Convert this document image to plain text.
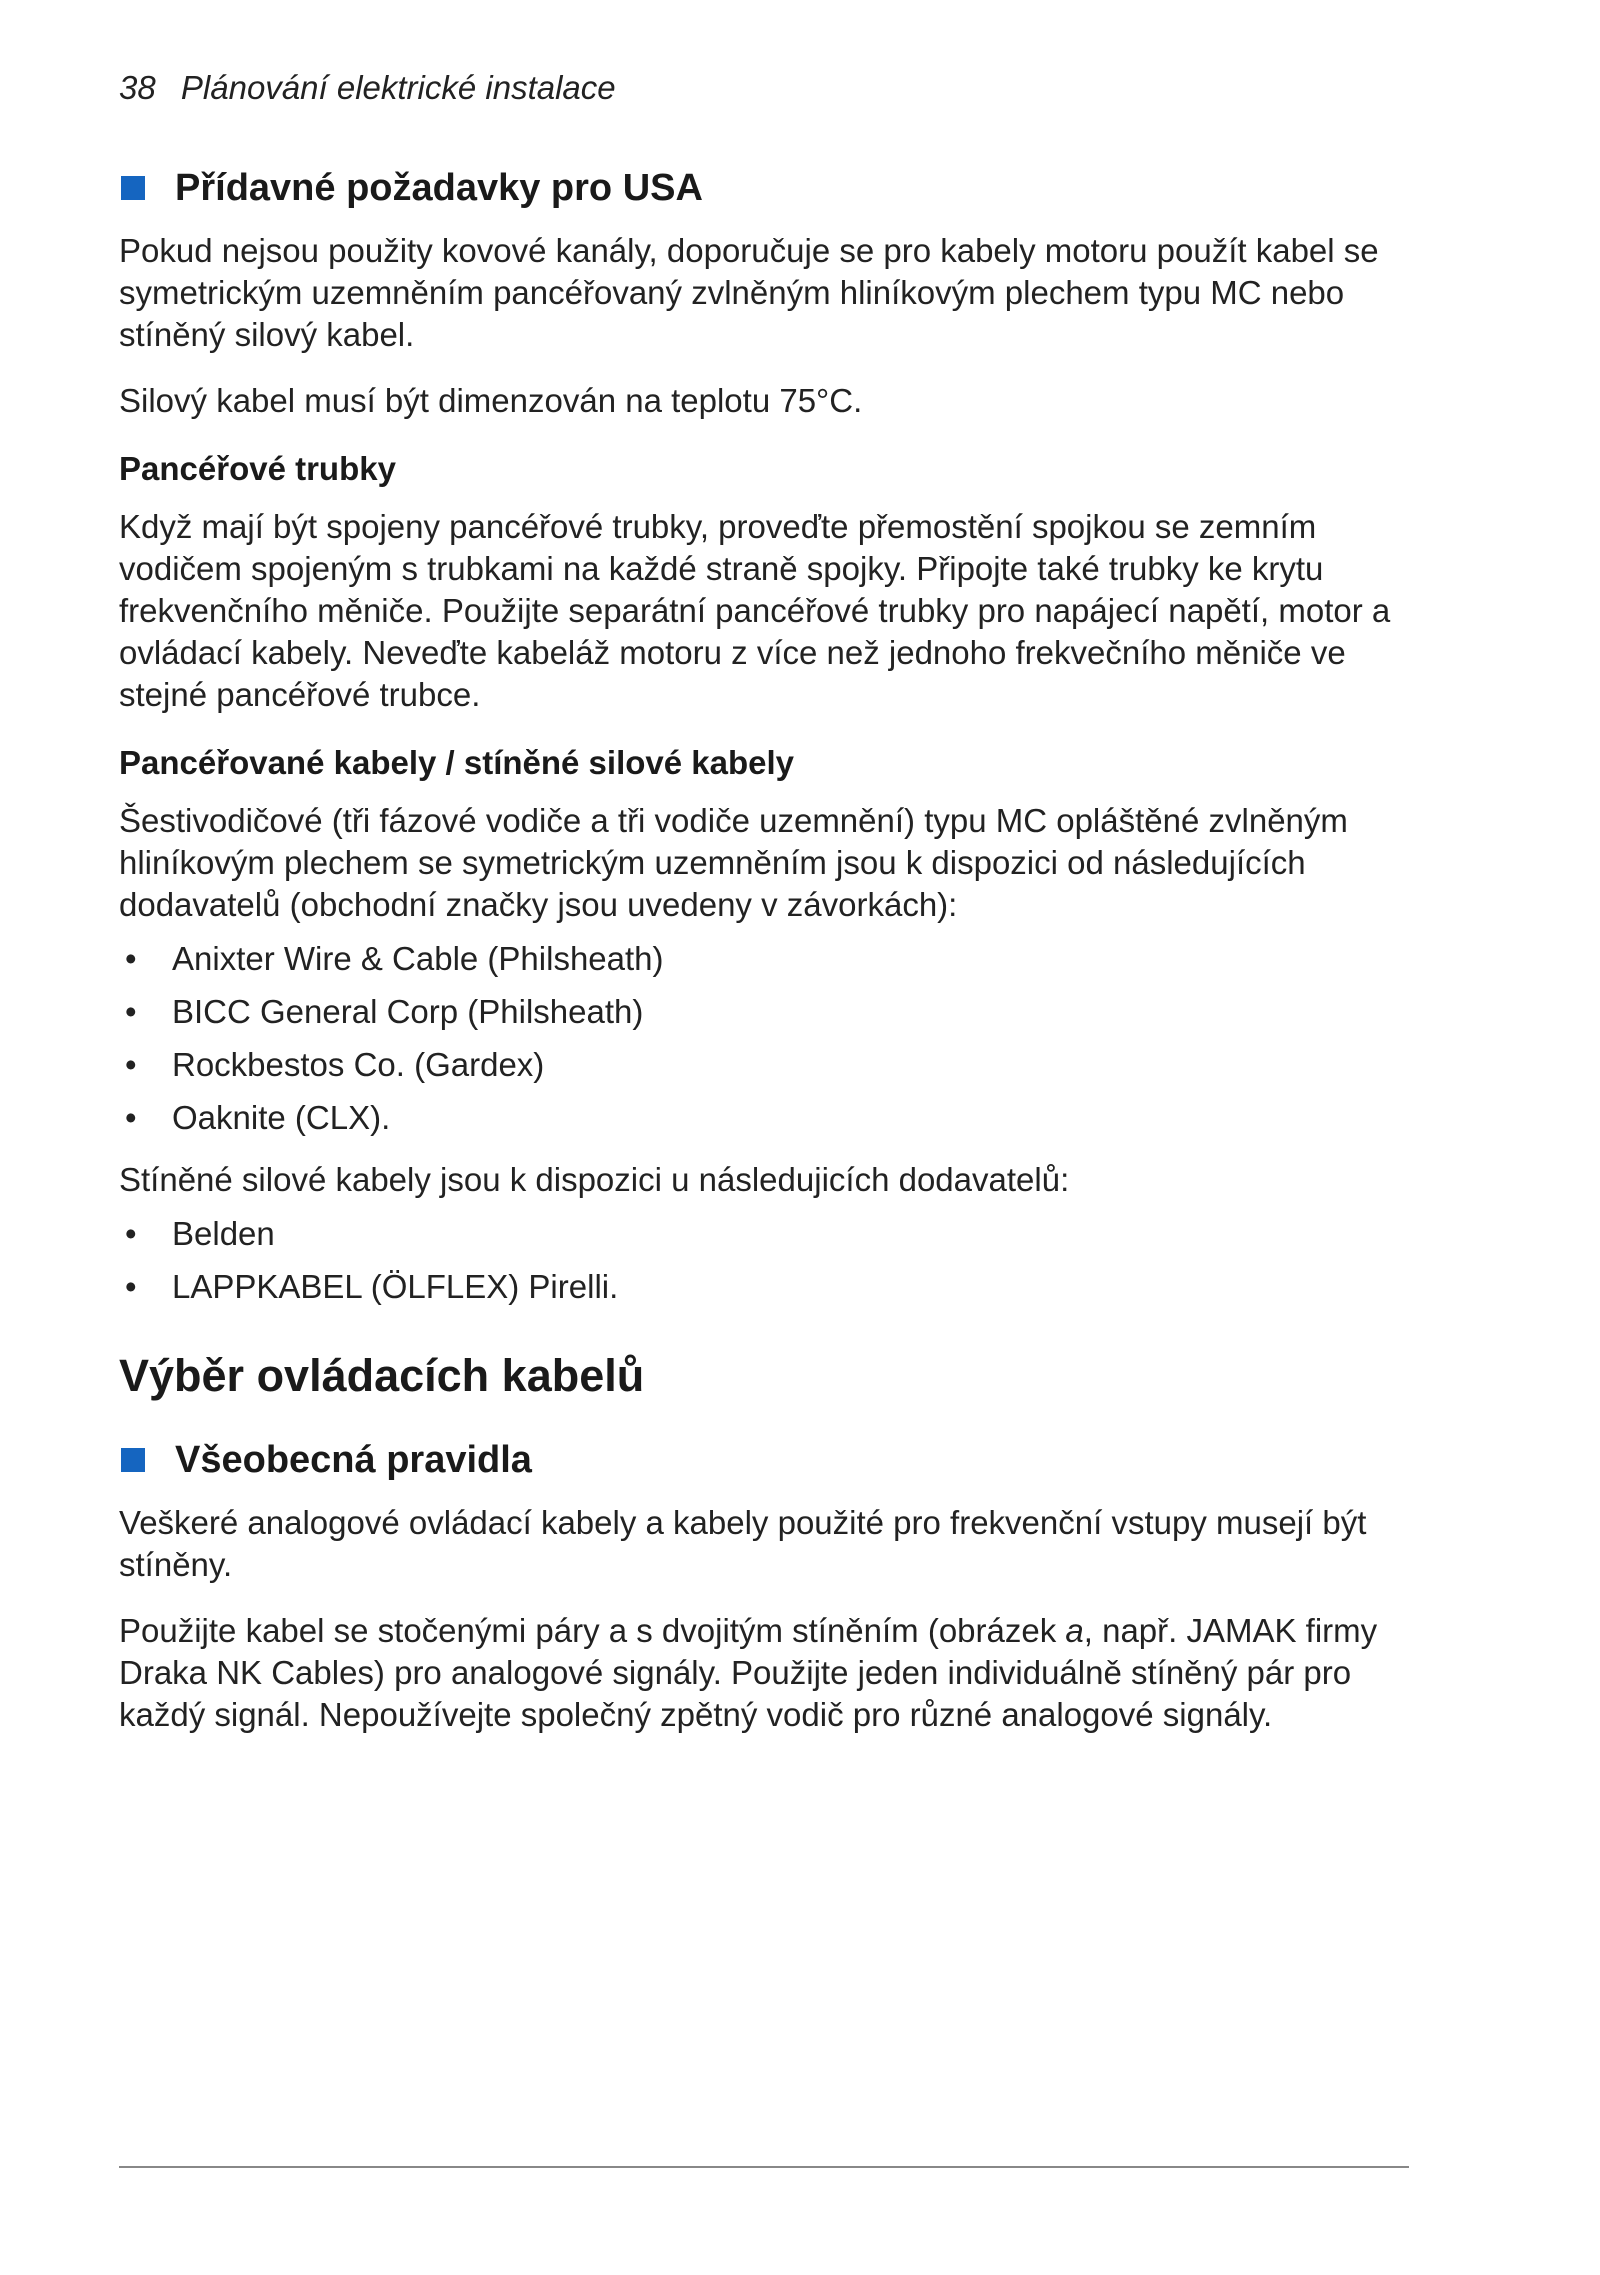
38 Plánování elektrické instalace
Přídavné požadavky pro USA

Pokud nejsou použity kovové kanály, doporučuje se pro kabely motoru použít kabel se symetrickým uzemněním pancéřovaný zvlněným hliníkovým plechem typu MC nebo stíněný silový kabel.

Silový kabel musí být dimenzován na teplotu 75°C.

Pancéřové trubky

Když mají být spojeny pancéřové trubky, proveďte přemostění spojkou se zemním vodičem spojeným s trubkami na každé straně spojky. Připojte také trubky ke krytu frekvenčního měniče. Použijte separátní pancéřové trubky pro napájecí napětí, motor a ovládací kabely. Neveďte kabeláž motoru z více než jednoho frekvečního měniče ve stejné pancéřové trubce.

Pancéřované kabely / stíněné silové kabely

Šestivodičové (tři fázové vodiče a tři vodiče uzemnění) typu MC opláštěné zvlněným hliníkovým plechem se symetrickým uzemněním jsou k dispozici od následujících dodavatelů (obchodní značky jsou uvedeny v závorkách):

• Anixter Wire & Cable (Philsheath)
• BICC General Corp (Philsheath)
• Rockbestos Co. (Gardex)
• Oaknite (CLX).

Stíněné silové kabely jsou k dispozici u následujicích dodavatelů:

• Belden
• LAPPKABEL (ÖLFLEX) Pirelli.
Výběr ovládacích kabelů
Všeobecná pravidla

Veškeré analogové ovládací kabely a kabely použité pro frekvenční vstupy musejí být stíněny.

Použijte kabel se stočenými páry a s dvojitým stíněním (obrázek a, např. JAMAK firmy Draka NK Cables) pro analogové signály. Použijte jeden individuálně stíněný pár pro každý signál. Nepoužívejte společný zpětný vodič pro různé analogové signály.
